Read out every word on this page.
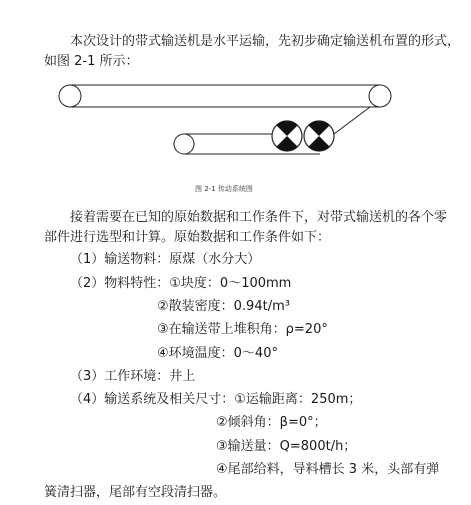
本次设计的带式输送机是水平运输，先初步确定输送机布置的形式，
如图 2-1 所示：
图 2-1 传动系统图
接着需要在已知的原始数据和工作条件下，对带式输送机的各个零
部件进行选型和计算。原始数据和工作条件如下：
（1）输送物料：原煤（水分大）
（2）物料特性：①块度：0～100mm
②散装密度：0.94t/m³
③在输送带上堆积角：ρ=20°
④环境温度：0～40°
（3）工作环境：井上
（4）输送系统及相关尺寸：①运输距离：250m；
②倾斜角：β=0°；
③输送量：Q=800t/h；
④尾部给料，导料槽长 3 米，头部有弹
簧清扫器，尾部有空段清扫器。
